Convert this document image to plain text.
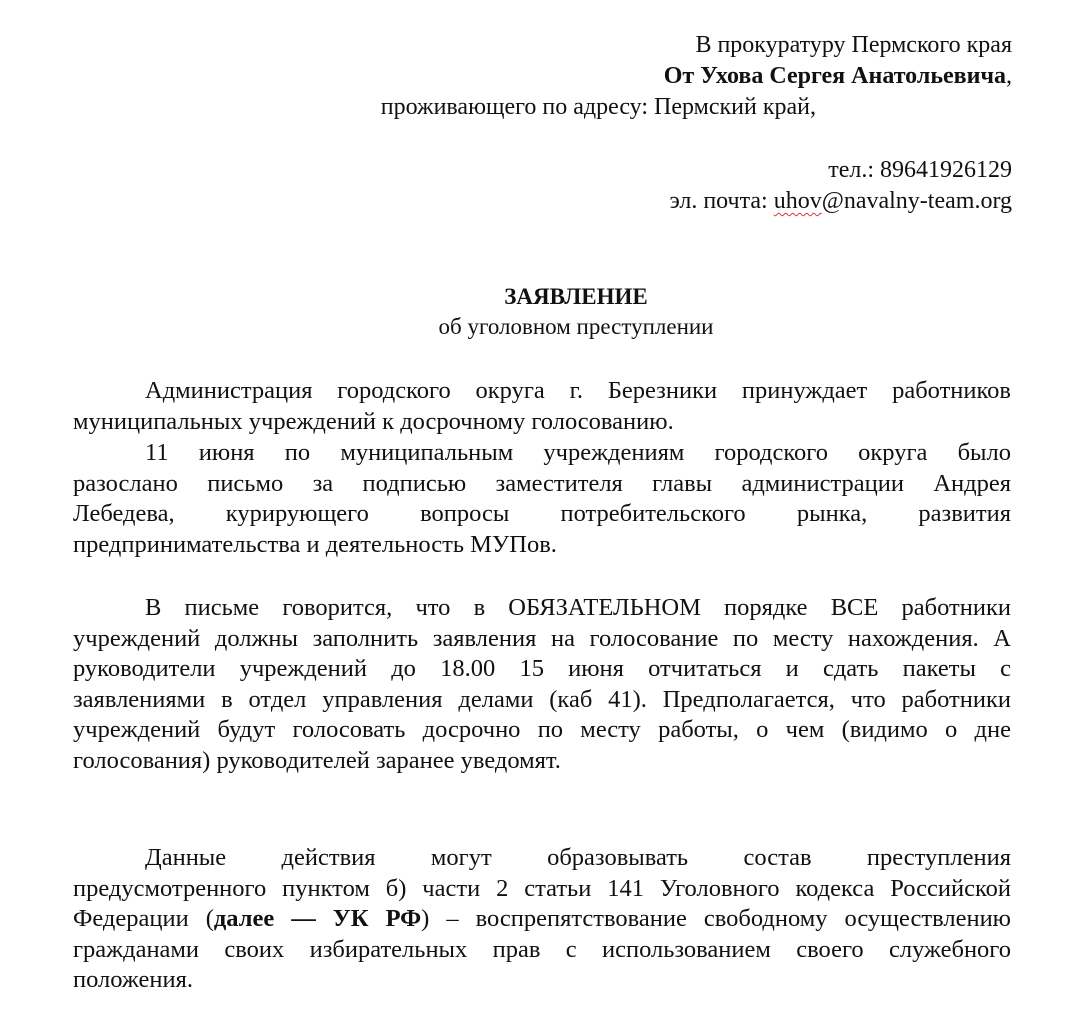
В прокуратуру Пермского края
От Ухова Сергея Анатольевича,
проживающего по адресу: Пермский край,
тел.: 89641926129
эл. почта: uhov@navalny-team.org
ЗАЯВЛЕНИЕ
об уголовном преступлении
Администрация городского округа г. Березники принуждает работников
муниципальных учреждений к досрочному голосованию.
11 июня по муниципальным учреждениям городского округа было
разослано письмо за подписью заместителя главы администрации Андрея
Лебедева, курирующего вопросы потребительского рынка, развития
предпринимательства и деятельность МУПов.
В письме говорится, что в ОБЯЗАТЕЛЬНОМ порядке ВСЕ работники
учреждений должны заполнить заявления на голосование по месту нахождения. А
руководители учреждений до 18.00 15 июня отчитаться и сдать пакеты с
заявлениями в отдел управления делами (каб 41). Предполагается, что работники
учреждений будут голосовать досрочно по месту работы, о чем (видимо о дне
голосования) руководителей заранее уведомят.
Данные действия могут образовывать состав преступления
предусмотренного пунктом б) части 2 статьи 141 Уголовного кодекса Российской
Федерации (далее — УК РФ) – воспрепятствование свободному осуществлению
гражданами своих избирательных прав с использованием своего служебного
положения.
